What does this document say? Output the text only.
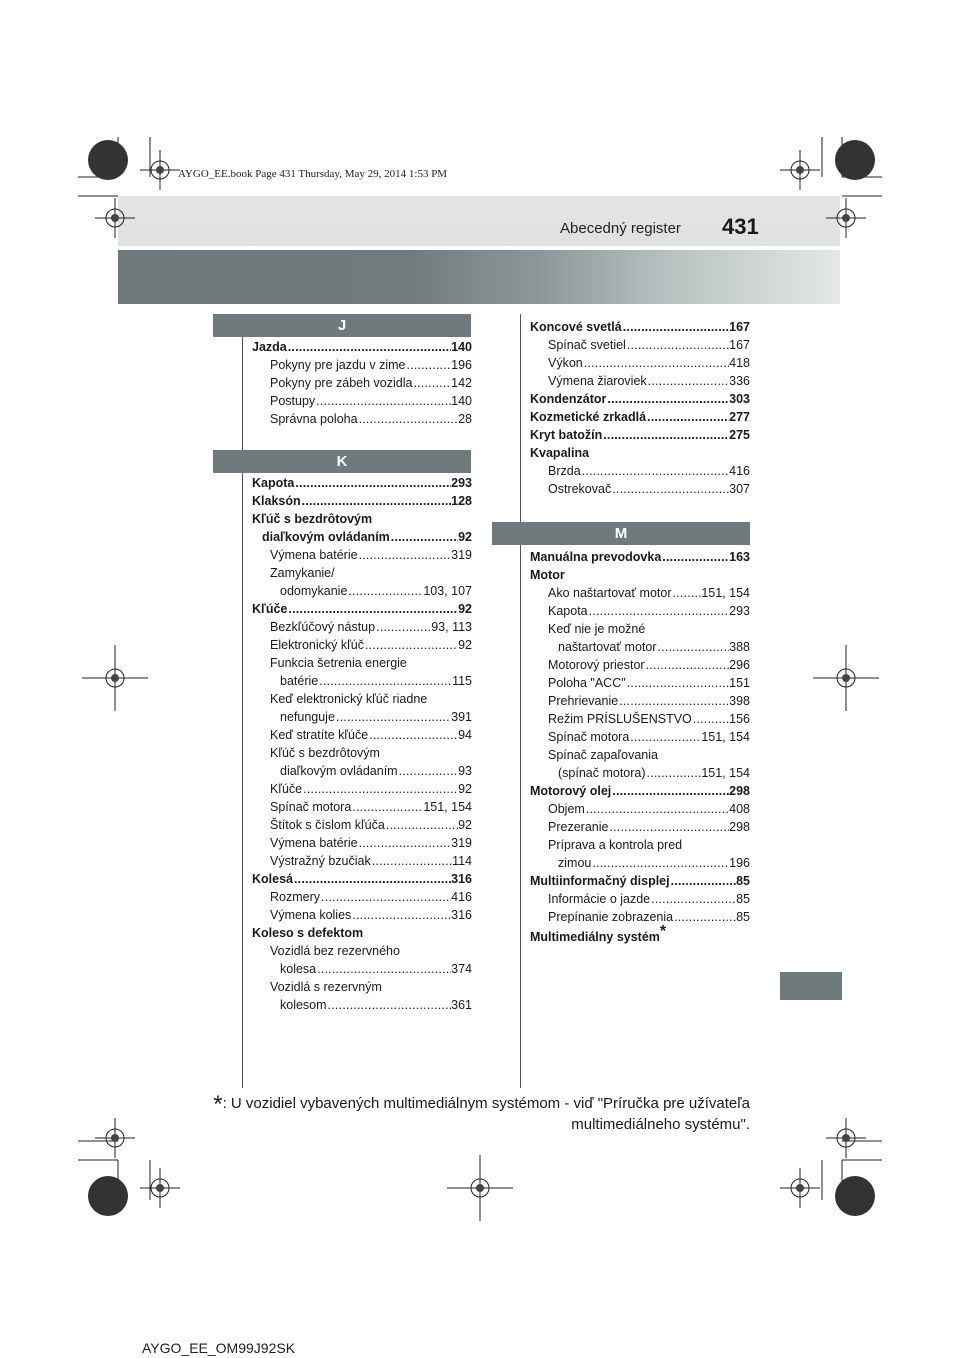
AYGO_EE.book Page 431 Thursday, May 29, 2014 1:53 PM
Abecedný register 431
J
Jazda .....	140
Pokyny pre jazdu v zime .....	196
Pokyny pre zábeh vozidla .....	142
Postupy .....	140
Správna poloha .....	28
K
Kapota .....	293
Klaksón .....	128
Kľúč s bezdrôtovým
diaľkovým ovládaním .....	92
Výmena batérie .....	319
Zamykanie/
odomykanie .....	103, 107
Kľúče .....	92
Bezkľúčový nástup .....	93, 113
Elektronický kľúč .....	92
Funkcia šetrenia energie
batérie .....	115
Keď elektronický kľúč riadne
nefunguje .....	391
Keď stratíte kľúče .....	94
Kľúč s bezdrôtovým
diaľkovým ovládaním .....	93
Kľúče .....	92
Spínač motora .....	151, 154
Štítok s číslom kľúča .....	92
Výmena batérie .....	319
Výstražný bzučiak .....	114
Kolesá .....	316
Rozmery .....	416
Výmena kolies .....	316
Koleso s defektom
Vozidlá bez rezervného
kolesa .....	374
Vozidlá s rezervným
kolesom .....	361
Koncové svetlá .....	167
Spínač svetiel .....	167
Výkon .....	418
Výmena žiaroviek .....	336
Kondenzátor .....	303
Kozmetické zrkadlá .....	277
Kryt batožín .....	275
Kvapalina
Brzda .....	416
Ostrekovač .....	307
M
Manuálna prevodovka .....	163
Motor
Ako naštartovať motor ..... 151, 154
Kapota .....	293
Keď nie je možné
naštartovať motor .....	388
Motorový priestor .....	296
Poloha "ACC" .....	151
Prehrievanie .....	398
Režim PRÍSLUŠENSTVO .....	156
Spínač motora .....	151, 154
Spínač zapaľovania
(spínač motora) .....	151, 154
Motorový olej .....	298
Objem .....	408
Prezeranie .....	298
Príprava a kontrola pred
zimou .....	196
Multiinformačný displej .....	85
Informácie o jazde .....	85
Prepínanie zobrazenia .....	85
Multimediálny systém*
*: U vozidiel vybavených multimediálnym systémom - viď "Príručka pre užívateľa
multimediálneho systému".
AYGO_EE_OM99J92SK
